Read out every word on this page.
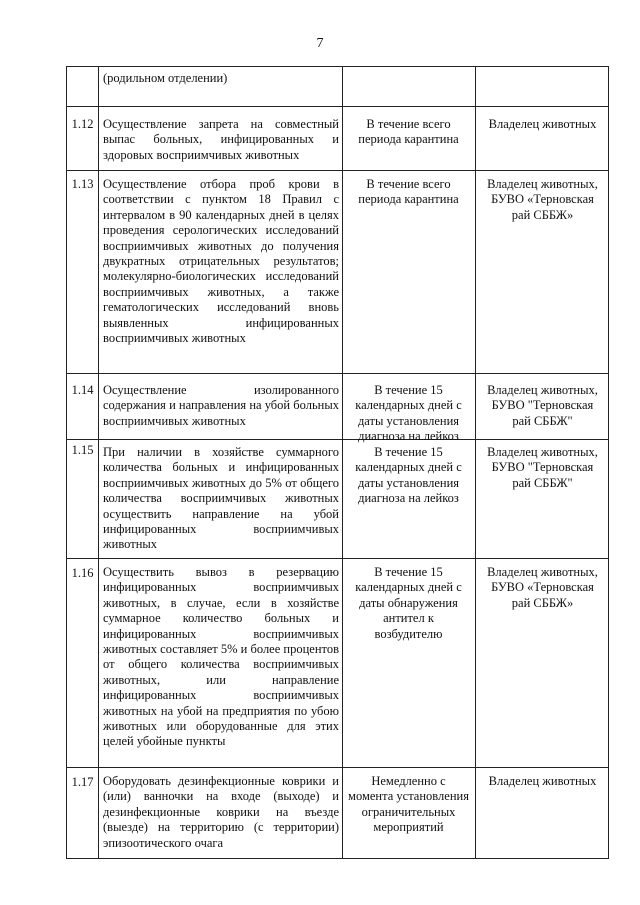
7
(родильном отделении)
1.12 Осуществление запрета на совместный выпас больных, инфицированных и здоровых восприимчивых животных
В течение всего
периода карантина
Владелец животных
1.13 Осуществление отбора проб крови в соответствии с пунктом 18 Правил с интервалом в 90 календарных дней в целях проведения серологических исследований восприимчивых животных до получения двукратных отрицательных результатов; молекулярно-биологических исследований восприимчивых животных, а также гематологических исследований вновь выявленных инфицированных восприимчивых животных
В течение всего
периода карантина
Владелец животных,
БУВО «Терновская
рай СББЖ»
1.14 Осуществление изолированного содержания и направления на убой больных восприимчивых животных
В течение 15
календарных дней с
даты установления
диагноза на лейкоз
Владелец животных,
БУВО "Терновская
рай СББЖ"
1.15 При наличии в хозяйстве суммарного количества больных и инфицированных восприимчивых животных до 5% от общего количества восприимчивых животных осуществить направление на убой инфицированных восприимчивых животных
В течение 15
календарных дней с
даты установления
диагноза на лейкоз
Владелец животных,
БУВО "Терновская
рай СББЖ"
1.16 Осуществить вывоз в резервацию инфицированных восприимчивых животных, в случае, если в хозяйстве суммарное количество больных и инфицированных восприимчивых животных составляет 5% и более процентов от общего количества восприимчивых животных, или направление инфицированных восприимчивых животных на убой на предприятия по убою животных или оборудованные для этих целей убойные пункты
В течение 15
календарных дней с
даты обнаружения
антител к
возбудителю
Владелец животных,
БУВО «Терновская
рай СББЖ»
1.17 Оборудовать дезинфекционные коврики и (или) ванночки на входе (выходе) и дезинфекционные коврики на въезде (выезде) на территорию (с территории) эпизоотического очага
Немедленно с
момента установления
ограничительных
мероприятий
Владелец животных
